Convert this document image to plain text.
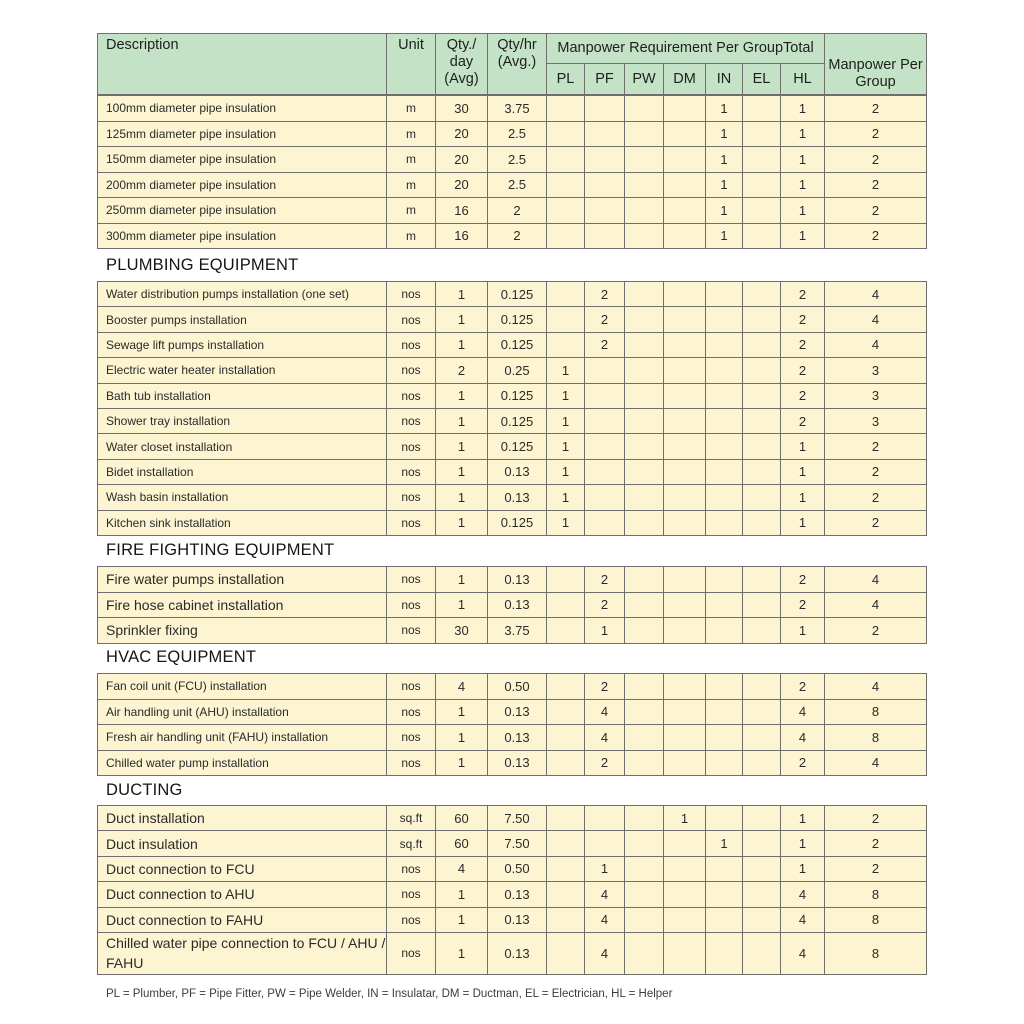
Description	Unit	Qty./ day (Avg)	Qty/hr (Avg.)	Manpower Requirement Per GroupTotal							Manpower Per Group
				PL	PF	PW	DM	IN	EL	HL	
100mm diameter pipe insulation	m	30	3.75					1		1	2
125mm diameter pipe insulation	m	20	2.5					1		1	2
150mm diameter pipe insulation	m	20	2.5					1		1	2
200mm diameter pipe insulation	m	20	2.5					1		1	2
250mm diameter pipe insulation	m	16	2					1		1	2
300mm diameter pipe insulation	m	16	2					1		1	2
PLUMBING EQUIPMENT
Water distribution pumps installation (one set)	nos	1	0.125		2					2	4
Booster pumps installation	nos	1	0.125		2					2	4
Sewage lift pumps installation	nos	1	0.125		2					2	4
Electric water heater installation	nos	2	0.25	1						2	3
Bath tub installation	nos	1	0.125	1						2	3
Shower tray installation	nos	1	0.125	1						2	3
Water closet installation	nos	1	0.125	1						1	2
Bidet installation	nos	1	0.13	1						1	2
Wash basin installation	nos	1	0.13	1						1	2
Kitchen sink installation	nos	1	0.125	1						1	2
FIRE FIGHTING EQUIPMENT
Fire water pumps installation	nos	1	0.13		2					2	4
Fire hose cabinet installation	nos	1	0.13		2					2	4
Sprinkler fixing	nos	30	3.75		1					1	2
HVAC EQUIPMENT
Fan coil unit (FCU) installation	nos	4	0.50		2					2	4
Air handling unit (AHU) installation	nos	1	0.13		4					4	8
Fresh air handling unit (FAHU) installation	nos	1	0.13		4					4	8
Chilled water pump installation	nos	1	0.13		2					2	4
DUCTING
Duct installation	sq.ft	60	7.50				1			1	2
Duct insulation	sq.ft	60	7.50					1		1	2
Duct connection to FCU	nos	4	0.50		1					1	2
Duct connection to AHU	nos	1	0.13		4					4	8
Duct connection to FAHU	nos	1	0.13		4					4	8
Chilled water pipe connection to FCU / AHU / FAHU	nos	1	0.13		4					4	8
PL = Plumber, PF = Pipe Fitter, PW = Pipe Welder, IN = Insulatar, DM = Ductman, EL = Electrician, HL = Helper
